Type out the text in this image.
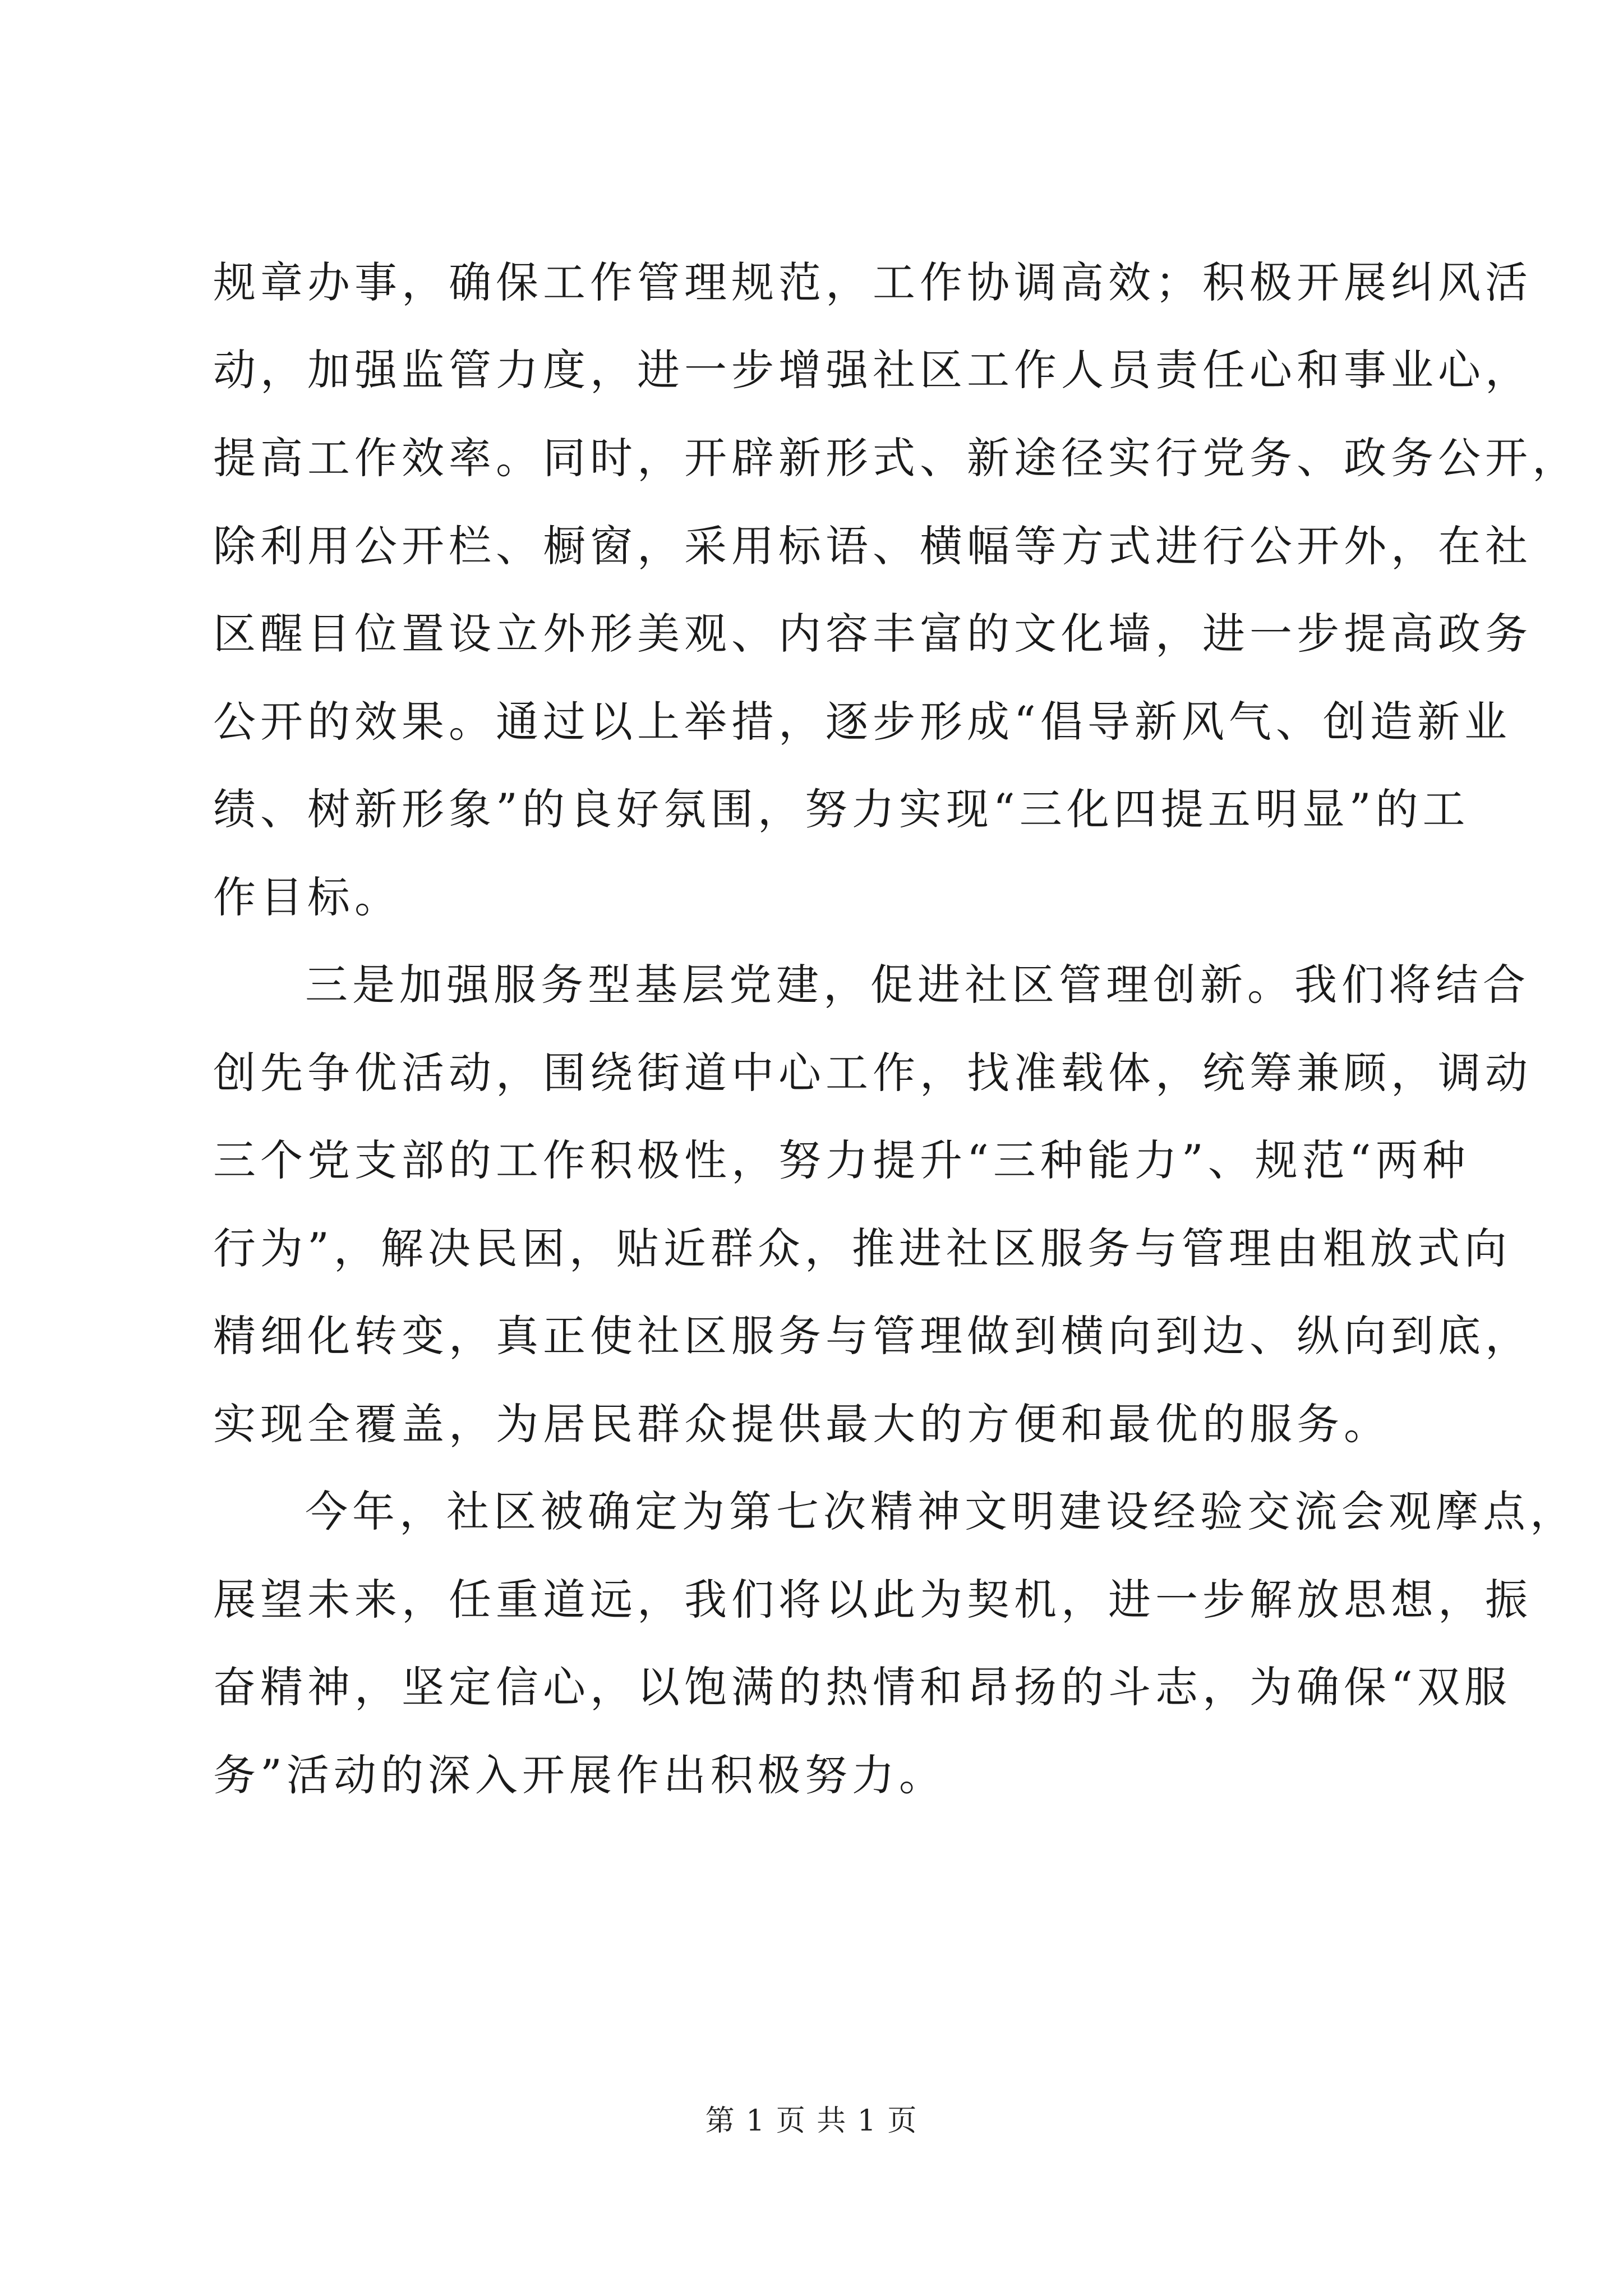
规章办事，确保工作管理规范，工作协调高效；积极开展纠风活
动，加强监管力度，进一步增强社区工作人员责任心和事业心，
提高工作效率。同时，开辟新形式、新途径实行党务、政务公开，
除利用公开栏、橱窗，采用标语、横幅等方式进行公开外，在社
区醒目位置设立外形美观、内容丰富的文化墙，进一步提高政务
公开的效果。通过以上举措，逐步形成“倡导新风气、创造新业
绩、树新形象”的良好氛围，努力实现“三化四提五明显”的工
作目标。
三是加强服务型基层党建，促进社区管理创新。我们将结合
创先争优活动，围绕街道中心工作，找准载体，统筹兼顾，调动
三个党支部的工作积极性，努力提升“三种能力”、规范“两种
行为”，解决民困，贴近群众，推进社区服务与管理由粗放式向
精细化转变，真正使社区服务与管理做到横向到边、纵向到底，
实现全覆盖，为居民群众提供最大的方便和最优的服务。
今年，社区被确定为第七次精神文明建设经验交流会观摩点，
展望未来，任重道远，我们将以此为契机，进一步解放思想，振
奋精神，坚定信心，以饱满的热情和昂扬的斗志，为确保“双服
务”活动的深入开展作出积极努力。
第 1 页 共 1 页
